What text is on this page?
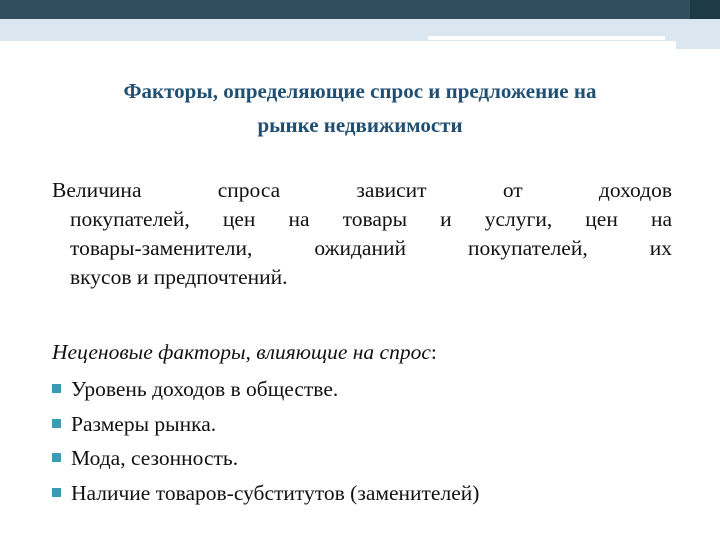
Факторы, определяющие спрос и предложение на
рынке недвижимости
Величина спроса зависит от доходов
покупателей, цен на товары и услуги, цен на
товары-заменители, ожиданий покупателей, их
вкусов и предпочтений.
Неценовые факторы, влияющие на спрос:
Уровень доходов в обществе.
Размеры рынка.
Мода, сезонность.
Наличие товаров-субститутов (заменителей)
